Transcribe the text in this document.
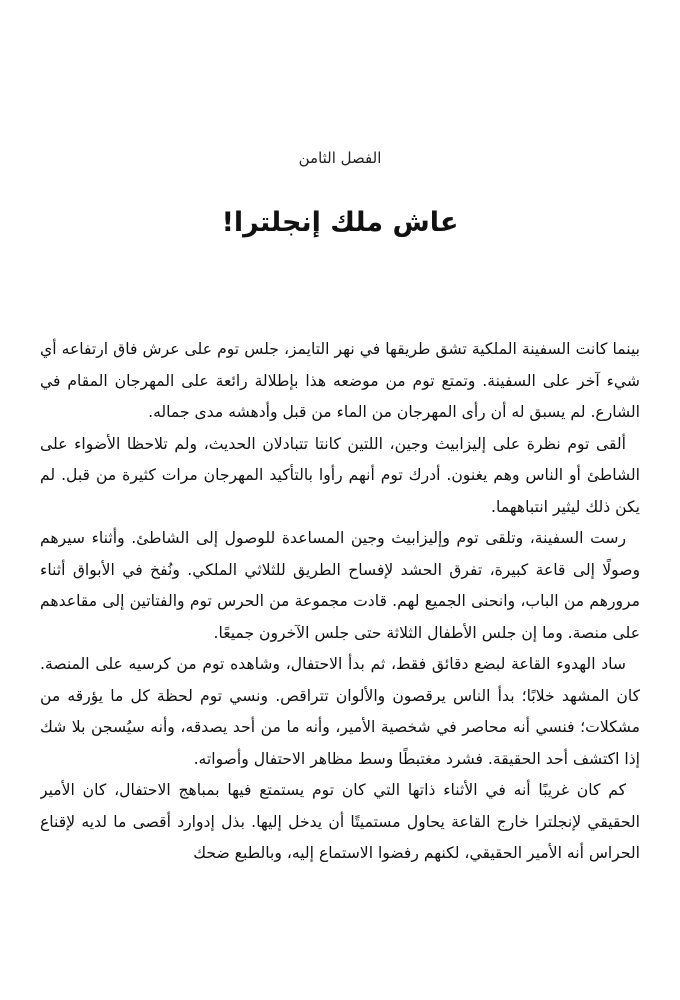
الفصل الثامن
عاش ملك إنجلترا!

بينما كانت السفينة الملكية تشق طريقها في نهر التايمز، جلس توم على عرش فاق ارتفاعه أي شيء آخر على السفينة. وتمتع توم من موضعه هذا بإطلالة رائعة على المهرجان المقام في الشارع. لم يسبق له أن رأى المهرجان من الماء من قبل وأدهشه مدى جماله.

ألقى توم نظرة على إليزابيث وجين، اللتين كانتا تتبادلان الحديث، ولم تلاحظا الأضواء على الشاطئ أو الناس وهم يغنون. أدرك توم أنهم رأوا بالتأكيد المهرجان مرات كثيرة من قبل. لم يكن ذلك ليثير انتباههما.

رست السفينة، وتلقى توم وإليزابيث وجين المساعدة للوصول إلى الشاطئ. وأثناء سيرهم وصولًا إلى قاعة كبيرة، تفرق الحشد لإفساح الطريق للثلاثي الملكي. ونُفخ في الأبواق أثناء مرورهم من الباب، وانحنى الجميع لهم. قادت مجموعة من الحرس توم والفتاتين إلى مقاعدهم على منصة. وما إن جلس الأطفال الثلاثة حتى جلس الآخرون جميعًا.

ساد الهدوء القاعة لبضع دقائق فقط، ثم بدأ الاحتفال، وشاهده توم من كرسيه على المنصة. كان المشهد خلابًا؛ بدأ الناس يرقصون والألوان تتراقص. ونسي توم لحظة كل ما يؤرقه من مشكلات؛ فنسي أنه محاصر في شخصية الأمير، وأنه ما من أحد يصدقه، وأنه سيُسجن بلا شك إذا اكتشف أحد الحقيقة. فشرد مغتبطًا وسط مظاهر الاحتفال وأصواته.

كم كان غريبًا أنه في الأثناء ذاتها التي كان توم يستمتع فيها بمباهج الاحتفال، كان الأمير الحقيقي لإنجلترا خارج القاعة يحاول مستميتًا أن يدخل إليها. بذل إدوارد أقصى ما لديه لإقناع الحراس أنه الأمير الحقيقي، لكنهم رفضوا الاستماع إليه، وبالطبع ضحك
